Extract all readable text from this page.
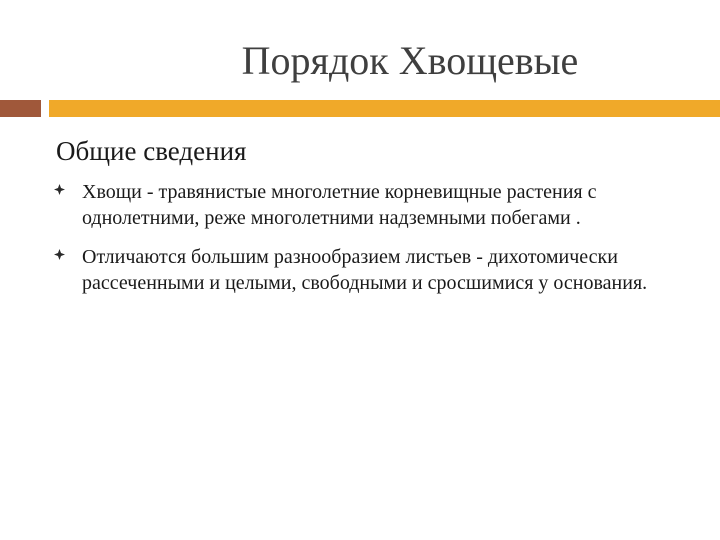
Порядок Хвощевые
Общие сведения
Хвощи - травянистые многолетние корневищные растения с однолетними, реже многолетними надземными побегами .
Отличаются большим разнообразием листьев - дихотомически рассеченными и целыми, свободными и сросшимися у основания.
